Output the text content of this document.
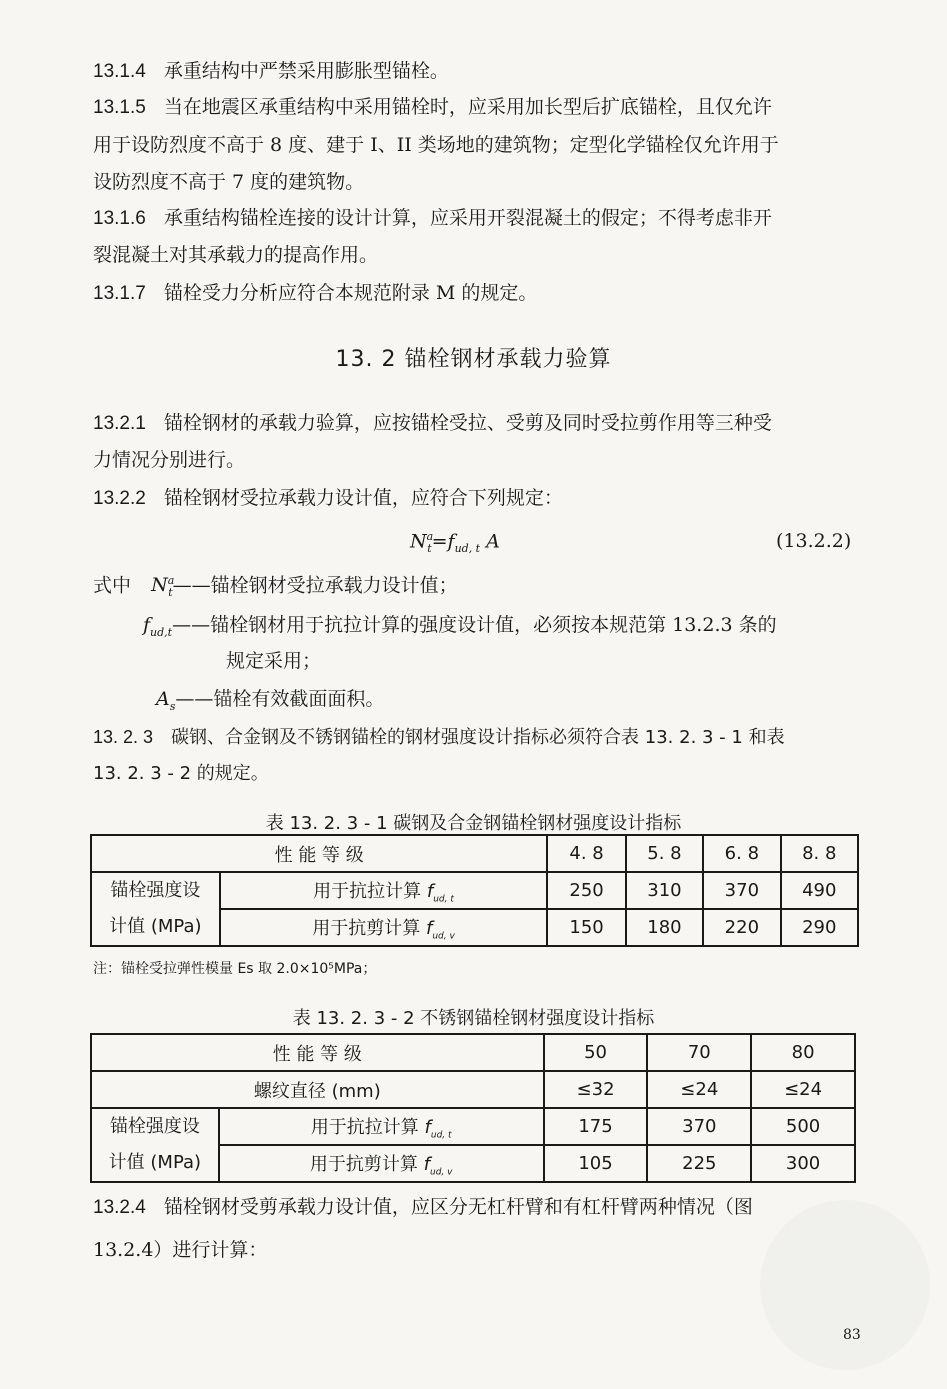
13.1.4 承重结构中严禁采用膨胀型锚栓。
13.1.5 当在地震区承重结构中采用锚栓时，应采用加长型后扩底锚栓，且仅允许
用于设防烈度不高于 8 度、建于 I、II 类场地的建筑物；定型化学锚栓仅允许用于
设防烈度不高于 7 度的建筑物。
13.1.6 承重结构锚栓连接的设计计算，应采用开裂混凝土的假定；不得考虑非开
裂混凝土对其承载力的提高作用。
13.1.7 锚栓受力分析应符合本规范附录 M 的规定。
13. 2 锚栓钢材承载力验算
13.2.1 锚栓钢材的承载力验算，应按锚栓受拉、受剪及同时受拉剪作用等三种受
力情况分别进行。
13.2.2 锚栓钢材受拉承载力设计值，应符合下列规定：
$N^a_t=f_{ud, t}$ A	(13.2.2)
式中 $N^a_t——$锚栓钢材受拉承载力设计值；
$f_{ud,t}——$锚栓钢材用于抗拉计算的强度设计值，必须按本规范第 13.2.3 条的
规定采用；
$A_s——$锚栓有效截面面积。
13. 2. 3 碳钢、合金钢及不锈钢锚栓的钢材强度设计指标必须符合表 13. 2. 3 - 1 和表
13. 2. 3 - 2 的规定。
表 13. 2. 3 - 1 碳钢及合金钢锚栓钢材强度设计指标
性 能 等 级		4. 8	5. 8	6. 8	8. 8
锚栓强度设
计值 (MPa)	用于抗拉计算 $f_{ud, t}$	250	310	370	490
	用于抗剪计算 $f_{ud, v}$	150	180	220	290
注：锚栓受拉弹性模量 Es 取 2.0×10⁵MPa；
表 13. 2. 3 - 2 不锈钢锚栓钢材强度设计指标
性 能 等 级		50	70	80
螺纹直径 (mm)		≤32	≤24	≤24
锚栓强度设
计值 (MPa)	用于抗拉计算 $f_{ud, t}$	175	370	500
	用于抗剪计算 $f_{ud, v}$	105	225	300
13.2.4 锚栓钢材受剪承载力设计值，应区分无杠杆臂和有杠杆臂两种情况（图
13.2.4）进行计算：
83
